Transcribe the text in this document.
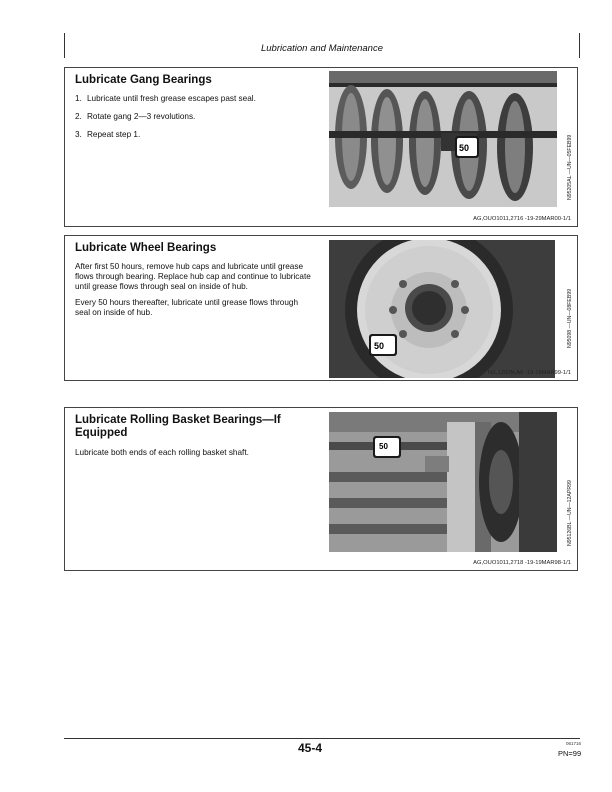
Lubrication and Maintenance
Lubricate Gang Bearings
1. Lubricate until fresh grease escapes past seal.
2. Rotate gang 2—3 revolutions.
3. Repeat step 1.
50	N95205AL —UN—05FEB99
AG,OUO1011,2716 -19-29MAR00-1/1
Lubricate Wheel Bearings

After first 50 hours, remove hub caps and lubricate until grease flows through bearing. Replace hub cap and continue to lubricate until grease flows through seal on inside of hub.

Every 50 hours thereafter, lubricate until grease flows through seal on inside of hub.

50	N95098 —UN—08FEB99
NX,1200N,A6 -19-18MAR99-1/1
Lubricate Rolling Basket Bearings—If
Equipped

Lubricate both ends of each rolling basket shaft.

50
N95126BL —UN—12APR99
AG,OUO1011,2718 -19-19MAR98-1/1
45-4	061716
PN=99
